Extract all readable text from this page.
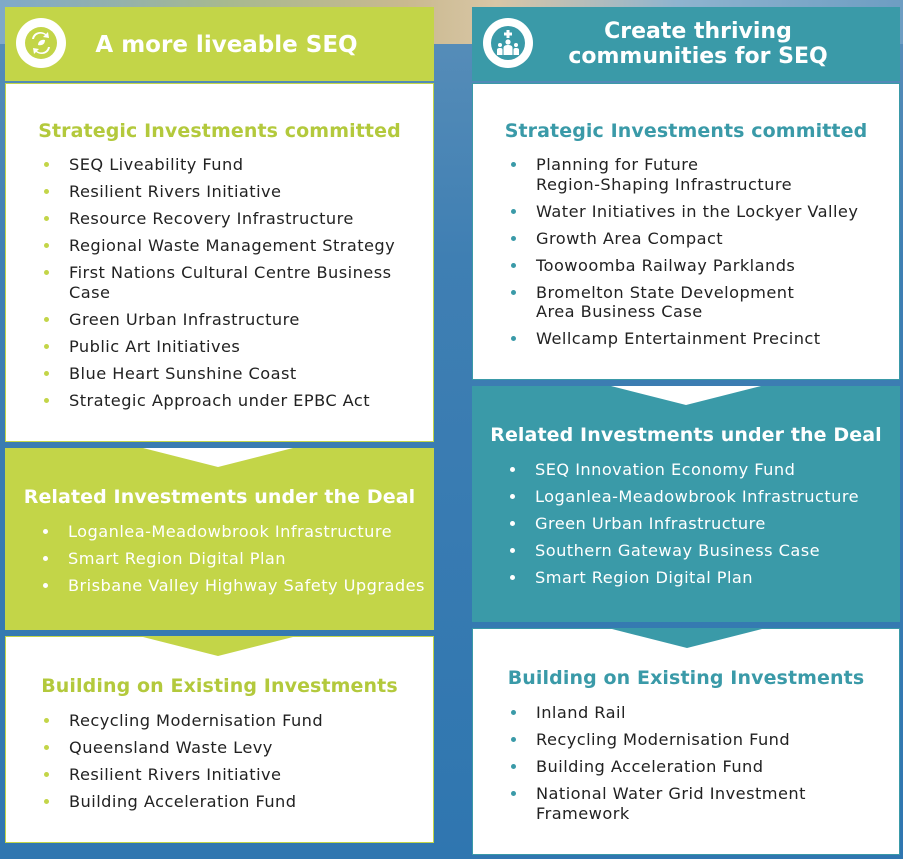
A more liveable SEQ
Strategic Investments committed
SEQ Liveability Fund
Resilient Rivers Initiative
Resource Recovery Infrastructure
Regional Waste Management Strategy
First Nations Cultural Centre Business Case
Green Urban Infrastructure
Public Art Initiatives
Blue Heart Sunshine Coast
Strategic Approach under EPBC Act
Related Investments under the Deal
Loganlea-Meadowbrook Infrastructure
Smart Region Digital Plan
Brisbane Valley Highway Safety Upgrades
Building on Existing Investments
Recycling Modernisation Fund
Queensland Waste Levy
Resilient Rivers Initiative
Building Acceleration Fund
Create thriving
communities for SEQ
Strategic Investments committed
Planning for Future
Region-Shaping Infrastructure
Water Initiatives in the Lockyer Valley
Growth Area Compact
Toowoomba Railway Parklands
Bromelton State Development
Area Business Case
Wellcamp Entertainment Precinct
Related Investments under the Deal
SEQ Innovation Economy Fund
Loganlea-Meadowbrook Infrastructure
Green Urban Infrastructure
Southern Gateway Business Case
Smart Region Digital Plan
Building on Existing Investments
Inland Rail
Recycling Modernisation Fund
Building Acceleration Fund
National Water Grid Investment
Framework
